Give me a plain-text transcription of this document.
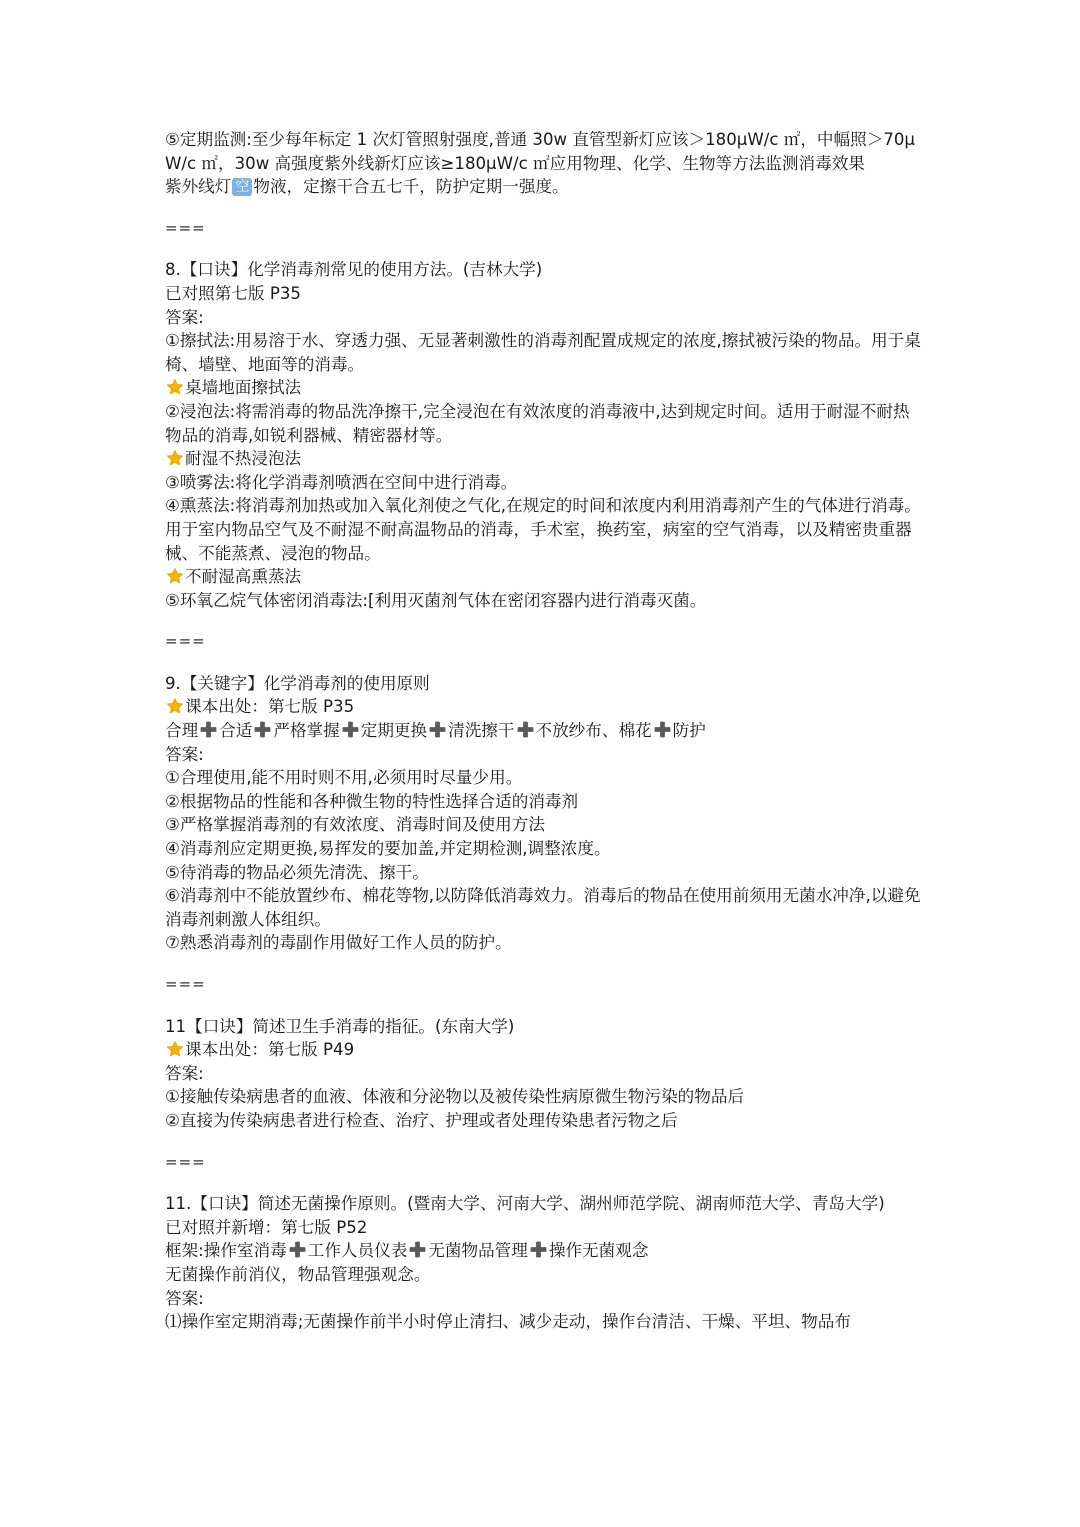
⑤定期监测:至少每年标定 1 次灯管照射强度,普通 30w 直管型新灯应该＞180μW/c ㎡，中幅照＞70μW/c ㎡，30w 高强度紫外线新灯应该≥180μW/c ㎡应用物理、化学、生物等方法监测消毒效果
紫外线灯 空 物液，定擦干合五七千，防护定期一强度。
===
8.【口诀】化学消毒剂常见的使用方法。(吉林大学)
已对照第七版 P35
答案:
①擦拭法:用易溶于水、穿透力强、无显著刺激性的消毒剂配置成规定的浓度,擦拭被污染的物品。用于桌椅、墙壁、地面等的消毒。
桌墙地面擦拭法
②浸泡法:将需消毒的物品洗净擦干,完全浸泡在有效浓度的消毒液中,达到规定时间。适用于耐湿不耐热物品的消毒,如锐利器械、精密器材等。
耐湿不热浸泡法
③喷雾法:将化学消毒剂喷洒在空间中进行消毒。
④熏蒸法:将消毒剂加热或加入氧化剂使之气化,在规定的时间和浓度内利用消毒剂产生的气体进行消毒。用于室内物品空气及不耐湿不耐高温物品的消毒，手术室，换药室，病室的空气消毒，以及精密贵重器械、不能蒸煮、浸泡的物品。
不耐湿高熏蒸法
⑤环氧乙烷气体密闭消毒法:[利用灭菌剂气体在密闭容器内进行消毒灭菌。
===
9.【关键字】化学消毒剂的使用原则
课本出处：第七版 P35
合理 合适 严格掌握 定期更换 清洗擦干 不放纱布、棉花 防护
答案:
①合理使用,能不用时则不用,必须用时尽量少用。
②根据物品的性能和各种微生物的特性选择合适的消毒剂
③严格掌握消毒剂的有效浓度、消毒时间及使用方法
④消毒剂应定期更换,易挥发的要加盖,并定期检测,调整浓度。
⑤待消毒的物品必须先清洗、擦干。
⑥消毒剂中不能放置纱布、棉花等物,以防降低消毒效力。消毒后的物品在使用前须用无菌水冲净,以避免消毒剂刺激人体组织。
⑦熟悉消毒剂的毒副作用做好工作人员的防护。
===
11【口诀】简述卫生手消毒的指征。(东南大学)
课本出处：第七版 P49
答案:
①接触传染病患者的血液、体液和分泌物以及被传染性病原微生物污染的物品后
②直接为传染病患者进行检查、治疗、护理或者处理传染患者污物之后
===
11.【口诀】简述无菌操作原则。(暨南大学、河南大学、湖州师范学院、湖南师范大学、青岛大学)
已对照并新增：第七版 P52
框架:操作室消毒 工作人员仪表 无菌物品管理 操作无菌观念
无菌操作前消仪，物品管理强观念。
答案:
⑴操作室定期消毒;无菌操作前半小时停止清扫、减少走动，操作台清洁、干燥、平坦、物品布
